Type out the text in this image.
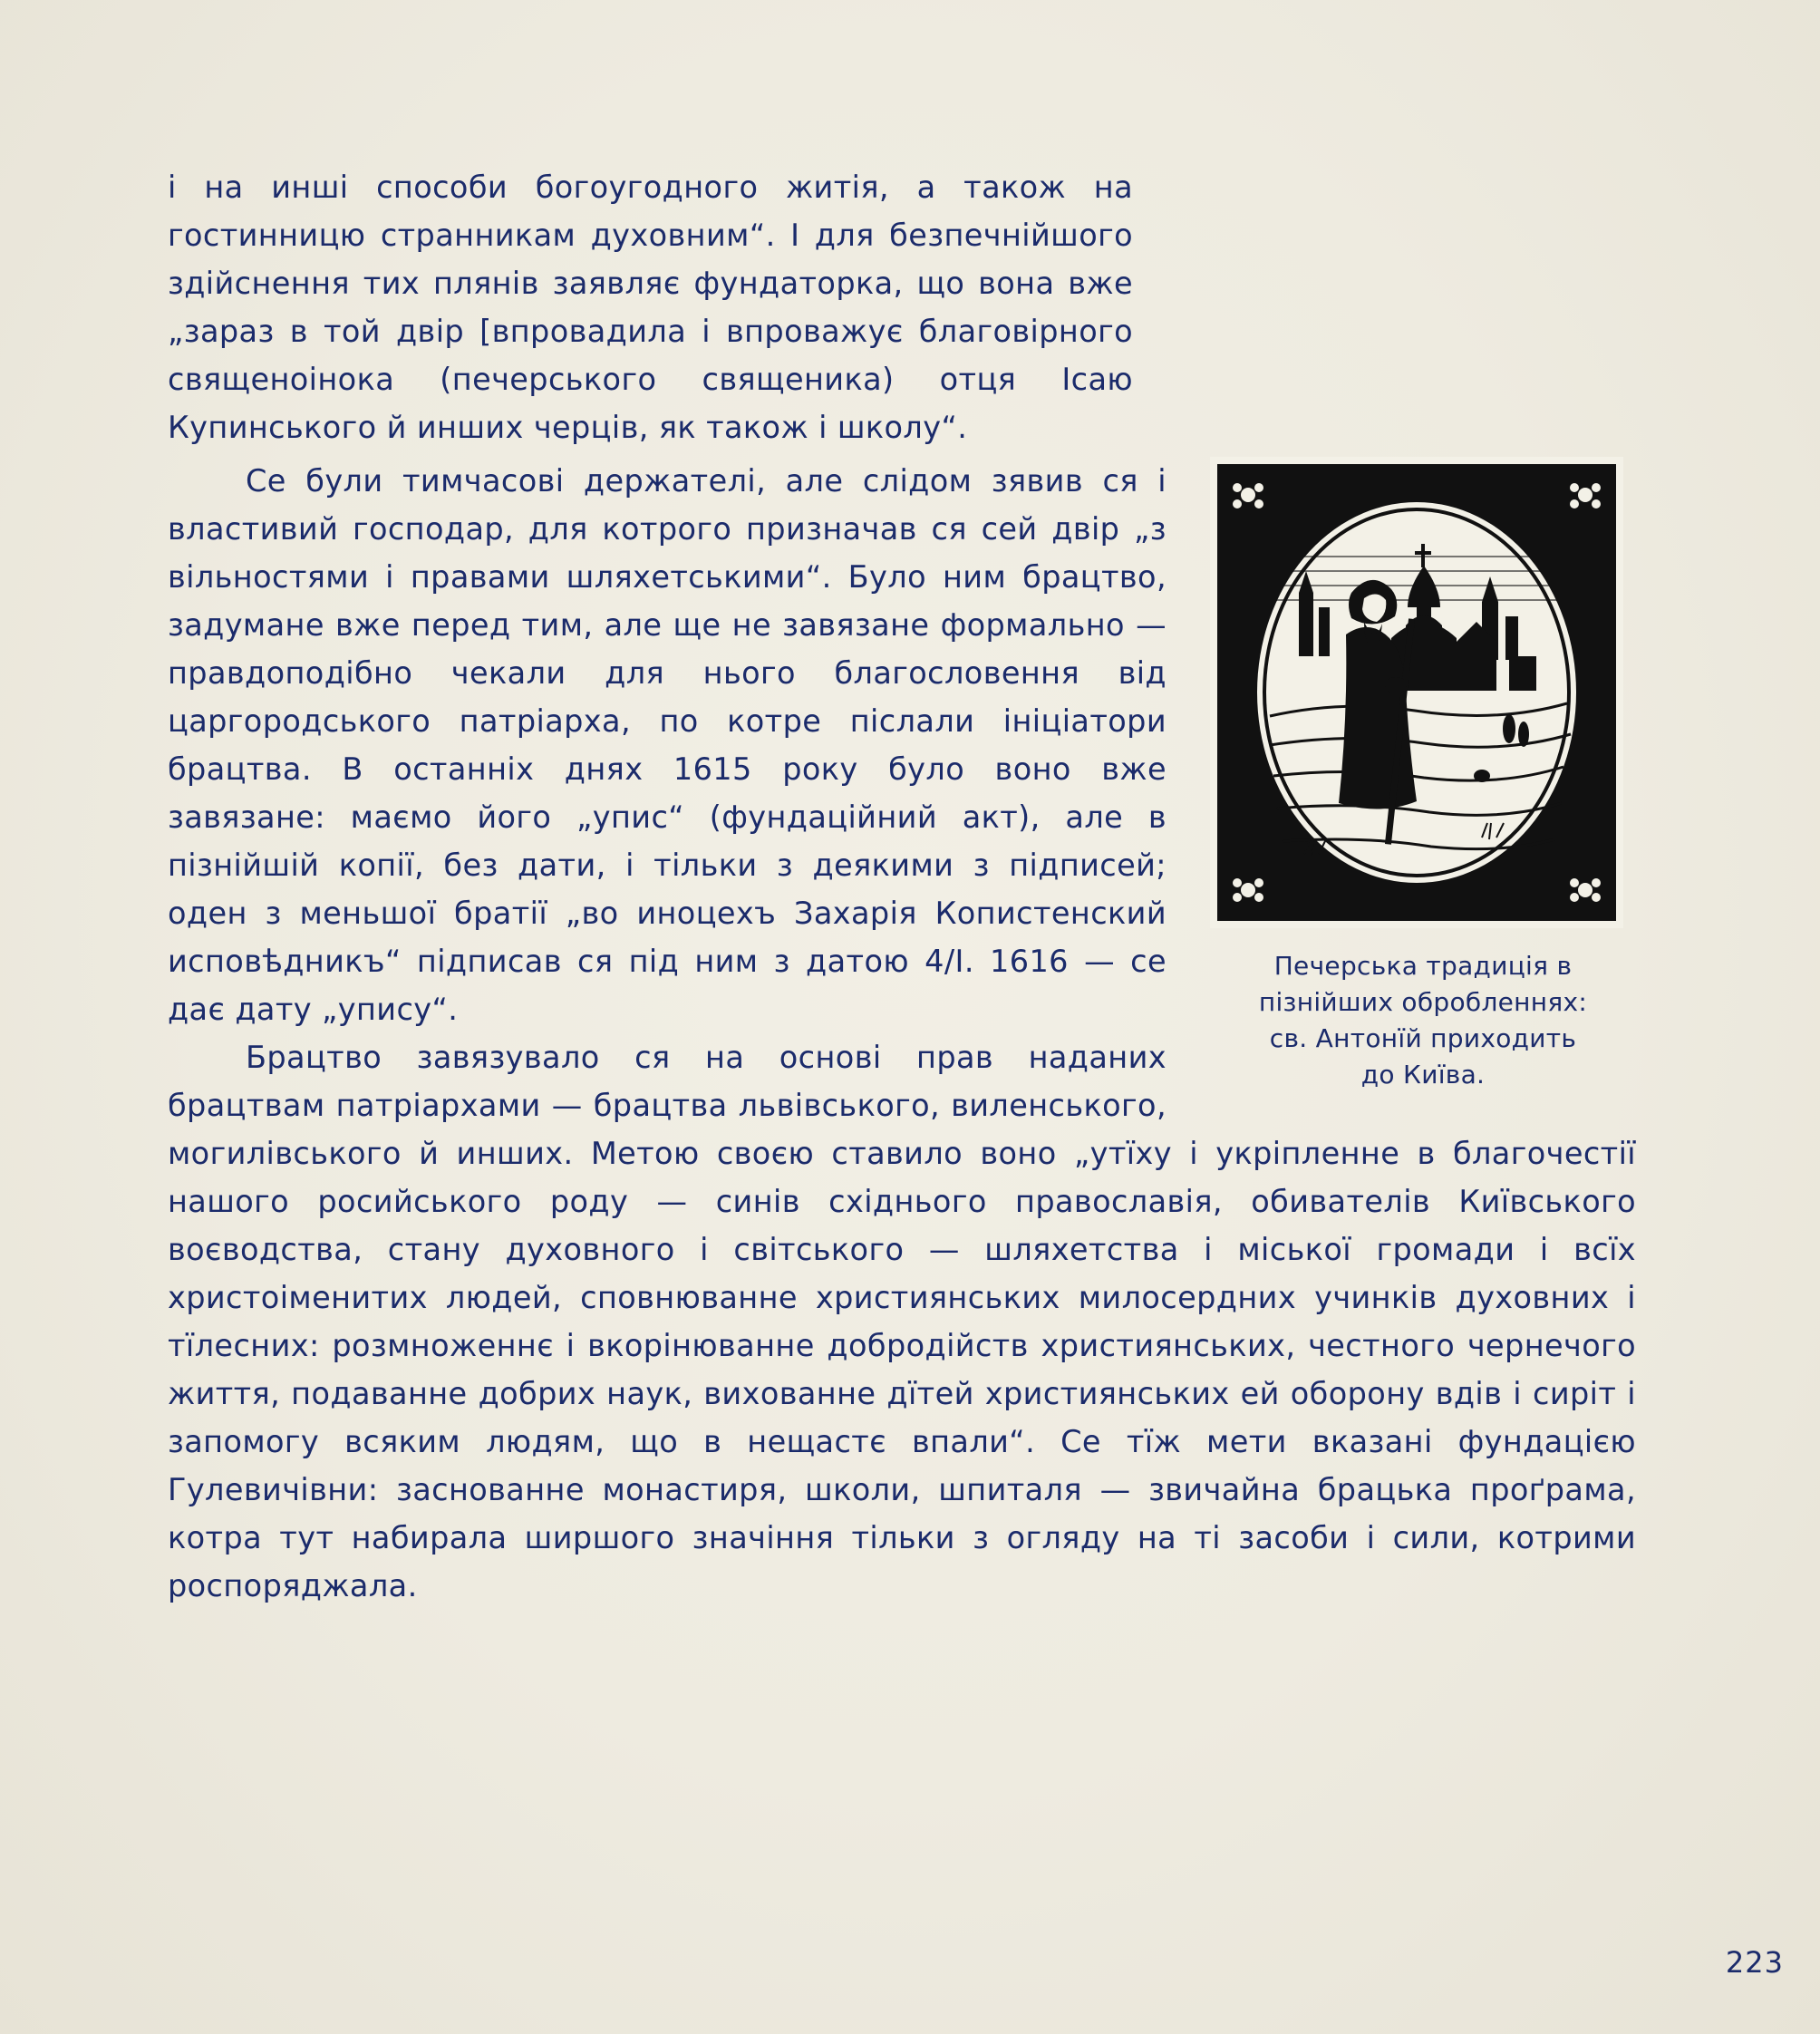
і на инші способи богоугодного житія, а також на гостинницю странникам духовним“. І для безпечнійшого здійснення тих плянів заявляє фундаторка, що вона вже „зараз в той двір [впровадила і впроважує благовірного священоінока (печерського священика) отця Ісаю Купинського й инших черців, як також і школу“.

Печерська традиція в
пізнійших оброблeннях:
св. Антонїй приходить
до Київа.

Се були тимчасові держателі, але слідом зявив ся і властивий господар, для котрого призначав ся сей двір „з вільностями і правами шляхетськими“. Було ним брацтво, задумане вже перед тим, але ще не завязане формально — правдоподібно чекали для нього благословення від царгородського патріарха, по котре післали ініціатори брацтва. В останніх днях 1615 року було воно вже завязане: маємо його „упис“ (фундаційний акт), але в пізнійшій копії, без дати, і тільки з деякими з підписей; оден з меньшої братії „во иноцехъ Захарія Копистенский исповѣдникъ“ підписав ся під ним з датою 4/I. 1616 — се дає дату „упису“.

Брацтво завязувало ся на основі прав наданих брацтвам патріархами — брацтва львівського, виленського, могилівського й инших. Метою своєю ставило воно „утїху і укріпленне в благочестії нашого росийського роду — синів східнього православія, обивателів Київського воєводства, стану духовного і світського — шляхетства і міської громади і всїх христоіменитих людей, сповнюванне християнських милосердних учинків духовних і тїлесних: розмноженнє і вкорінюванне добродійств християнських, честного чернечого життя, подаванне добрих наук, вихованне дїтей християнських ей оборону вдів і сиріт і запомогу всяким людям, що в нещастє впали“. Се тїж мети вказані фундацією Гулевичівни: заснованне монастиря, школи, шпиталя — звичайна брацька проґрама, котра тут набирала ширшого значіння тільки з огляду на ті засоби і сили, котрими роспоряджала.

223
